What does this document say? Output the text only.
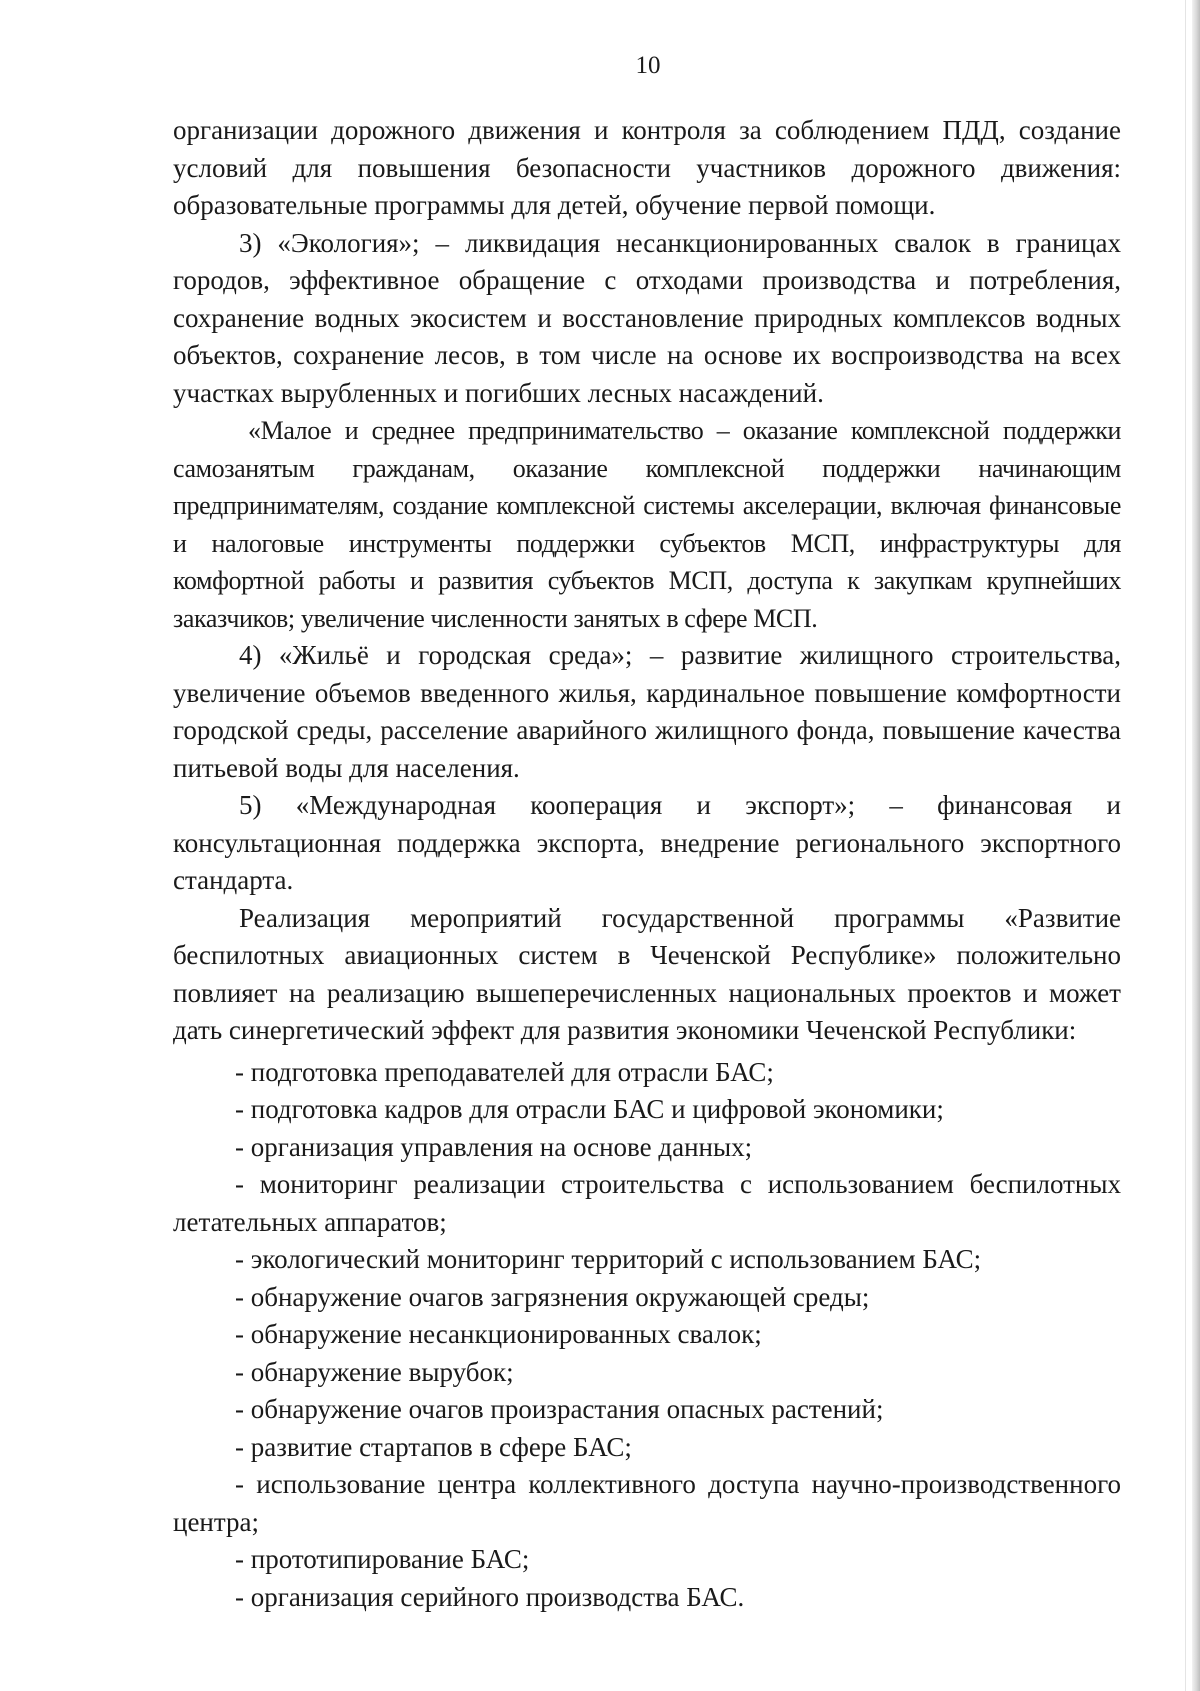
10

организации дорожного движения и контроля за соблюдением ПДД, создание условий для повышения безопасности участников дорожного движения: образовательные программы для детей, обучение первой помощи.

3) «Экология»; – ликвидация несанкционированных свалок в границах городов, эффективное обращение с отходами производства и потребления, сохранение водных экосистем и восстановление природных комплексов водных объектов, сохранение лесов, в том числе на основе их воспроизводства на всех участках вырубленных и погибших лесных насаждений.

«Малое и среднее предпринимательство – оказание комплексной поддержки самозанятым гражданам, оказание комплексной поддержки начинающим предпринимателям, создание комплексной системы акселерации, включая финансовые и налоговые инструменты поддержки субъектов МСП, инфраструктуры для комфортной работы и развития субъектов МСП, доступа к закупкам крупнейших заказчиков; увеличение численности занятых в сфере МСП.

4) «Жильё и городская среда»; – развитие жилищного строительства, увеличение объемов введенного жилья, кардинальное повышение комфортности городской среды, расселение аварийного жилищного фонда, повышение качества питьевой воды для населения.

5) «Международная кооперация и экспорт»; – финансовая и консультационная поддержка экспорта, внедрение регионального экспортного стандарта.

Реализация мероприятий государственной программы «Развитие беспилотных авиационных систем в Чеченской Республике» положительно повлияет на реализацию вышеперечисленных национальных проектов и может дать синергетический эффект для развития экономики Чеченской Республики:

- подготовка преподавателей для отрасли БАС;

- подготовка кадров для отрасли БАС и цифровой экономики;

- организация управления на основе данных;

- мониторинг реализации строительства с использованием беспилотных летательных аппаратов;

- экологический мониторинг территорий с использованием БАС;

- обнаружение очагов загрязнения окружающей среды;

- обнаружение несанкционированных свалок;

- обнаружение вырубок;

- обнаружение очагов произрастания опасных растений;

- развитие стартапов в сфере БАС;

- использование центра коллективного доступа научно-производственного центра;

- прототипирование БАС;

- организация серийного производства БАС.
